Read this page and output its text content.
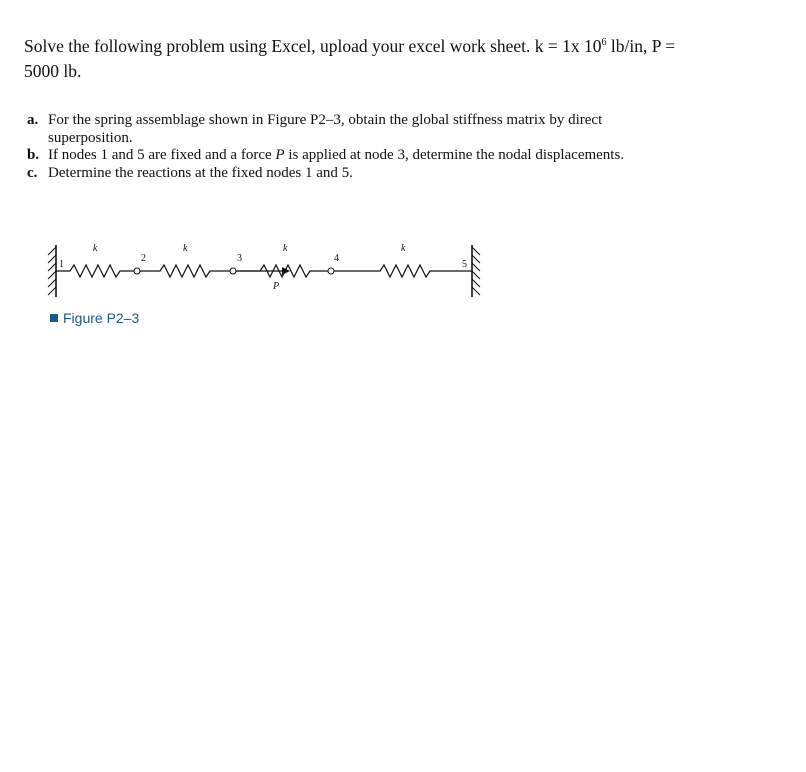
Solve the following problem using Excel, upload your excel work sheet. k = 1x $10^6$ lb/in, P =
5000 lb.
a. For the spring assemblage shown in Figure P2–3, obtain the global stiffness matrix by direct superposition.
b. If nodes 1 and 5 are fixed and a force P is applied at node 3, determine the nodal displacements.
c. Determine the reactions at the fixed nodes 1 and 5.
1
2	3	4
5
k	k	k	k
P
Figure P2–3
